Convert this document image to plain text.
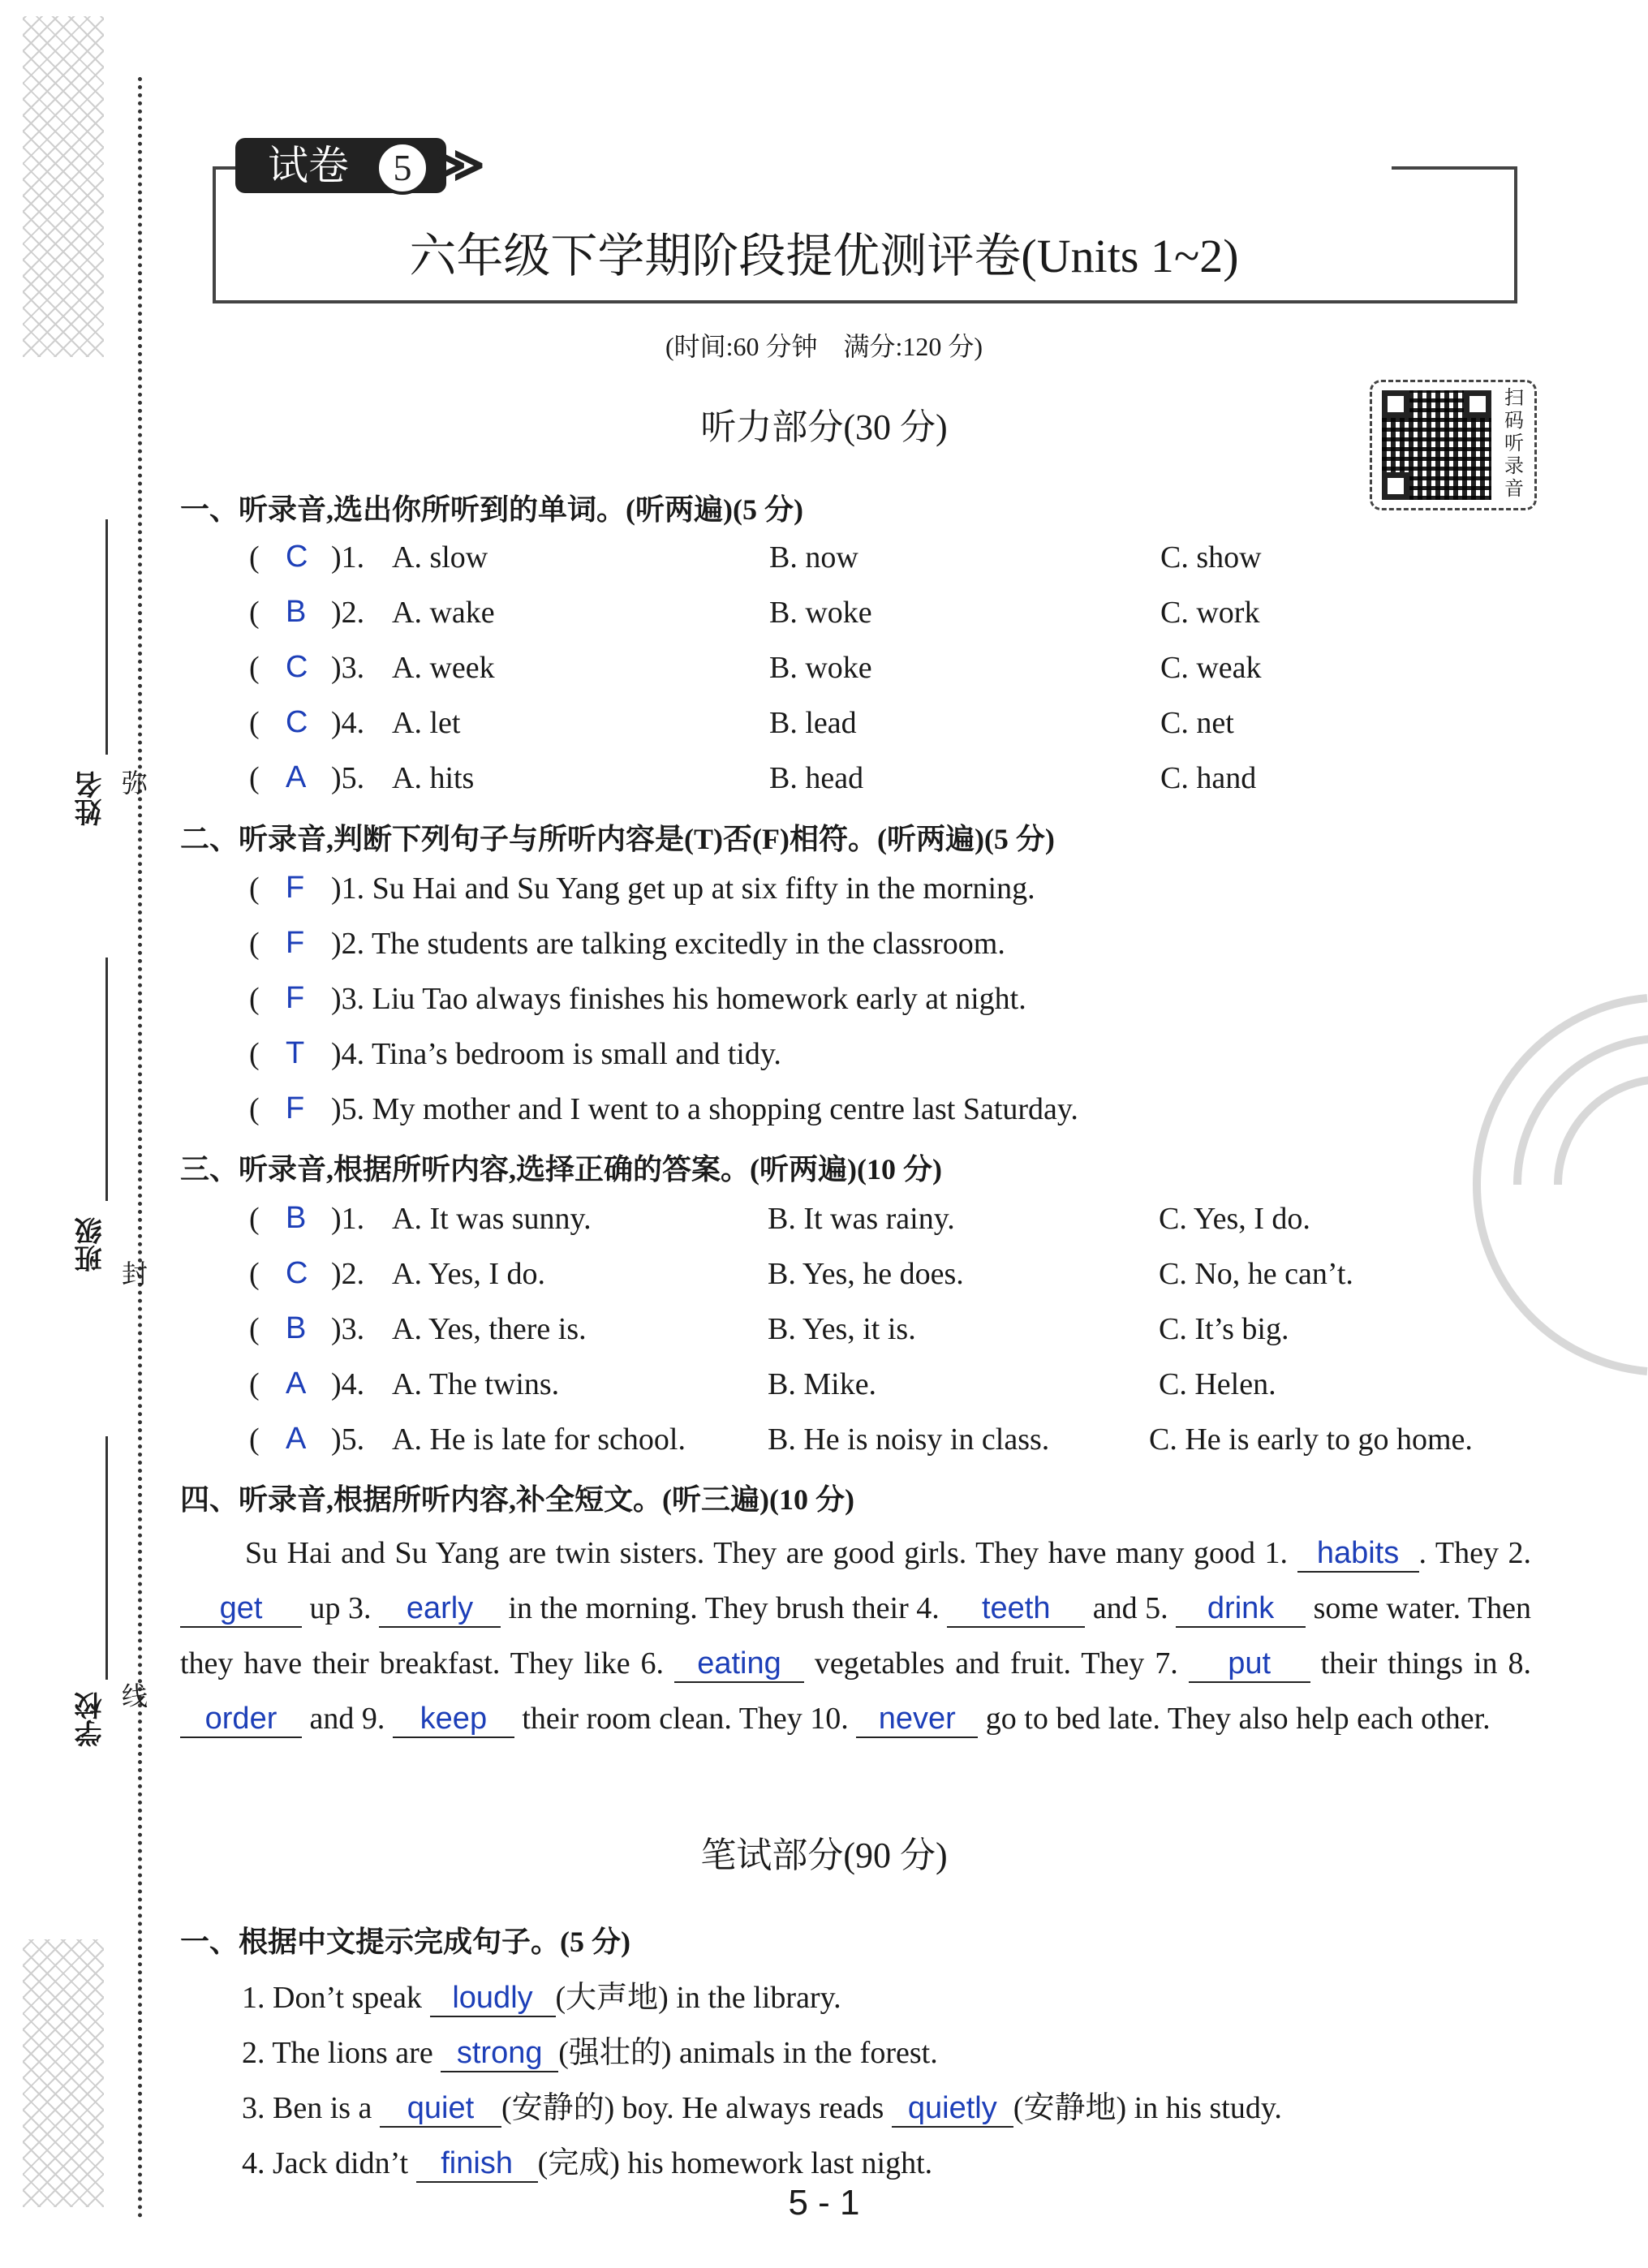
姓名 弥
班级
封
学校 线
试卷	5 ≫
六年级下学期阶段提优测评卷(Units 1~2)
(时间:60 分钟　满分:120 分)
扫
码
听
录
音
听力部分(30 分)
一、听录音,选出你所听到的单词。(听两遍)(5 分)
( C )1. A. slow	B. now	C. show
( B )2. A. wake	B. woke	C. work
( C )3. A. week	B. woke	C. weak
( C )4. A. let	B. lead	C. net
( A )5. A. hits	B. head	C. hand
二、听录音,判断下列句子与所听内容是(T)否(F)相符。(听两遍)(5 分)
( F )1. Su Hai and Su Yang get up at six fifty in the morning.
( F )2. The students are talking excitedly in the classroom.
( F )3. Liu Tao always finishes his homework early at night.
( T )4. Tina’s bedroom is small and tidy.
( F )5. My mother and I went to a shopping centre last Saturday.
三、听录音,根据所听内容,选择正确的答案。(听两遍)(10 分)
( B )1. A. It was sunny.	B. It was rainy.	C. Yes, I do.
( C )2. A. Yes, I do.	B. Yes, he does.	C. No, he can’t.
( B )3. A. Yes, there is.	B. Yes, it is.	C. It’s big.
( A )4. A. The twins.	B. Mike.	C. Helen.
( A )5. A. He is late for school.	B. He is noisy in class.	C. He is early to go home.
四、听录音,根据所听内容,补全短文。(听三遍)(10 分)
Su Hai and Su Yang are twin sisters. They are good girls. They have many good 1. habits . They 2. get up 3. early in the morning. They brush their 4. teeth and 5. drink some water. Then they have their breakfast. They like 6. eating vegetables and fruit. They 7. put their things in 8. order and 9. keep their room clean. They 10. never go to bed late. They also help each other.
笔试部分(90 分)
一、根据中文提示完成句子。(5 分)
1. Don’t speak loudly (大声地) in the library.
2. The lions are strong (强壮的) animals in the forest.
3. Ben is a quiet (安静的) boy. He always reads quietly (安静地) in his study.
4. Jack didn’t finish (完成) his homework last night.
5 - 1
